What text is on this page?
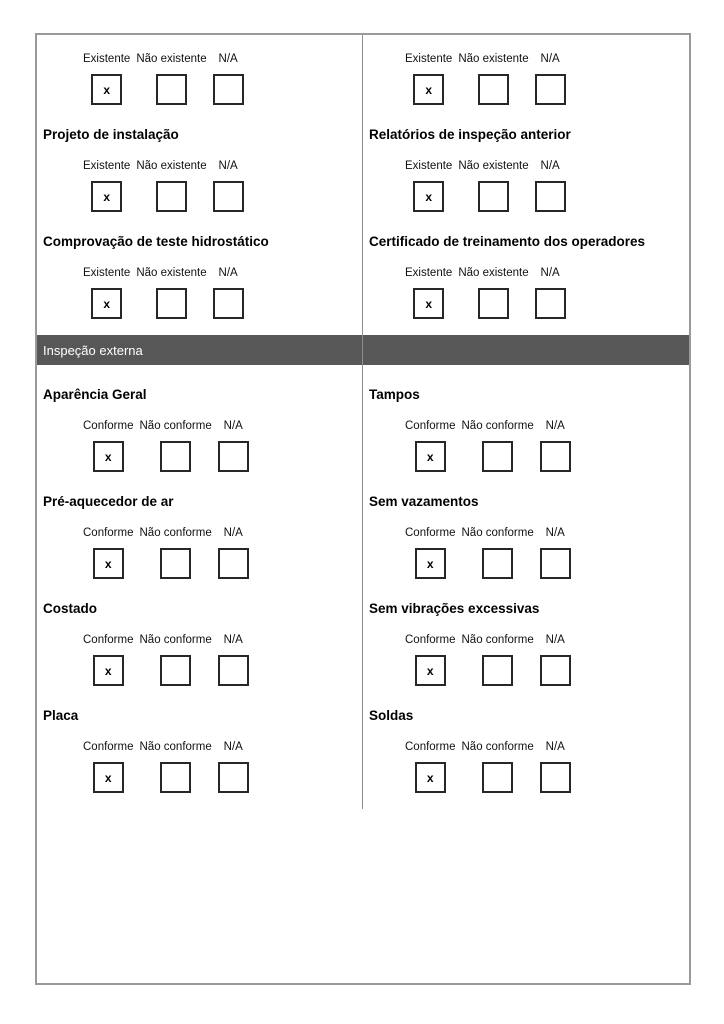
Existente
x
Não existente N/A
Projeto de instalação
Existente
x
Não existente N/A
Relatórios de inspeção anterior
Existente
x
Não existente N/A
Comprovação de teste hidrostático
Existente
x
Não existente N/A
Certificado de treinamento dos operadores
Existente
x
Não existente N/A	Existente
x
Não existente N/A
Inspeção externa
Aparência Geral
Conforme
x
Não conforme N/A
Tampos
Conforme
x
Não conforme N/A
Pré-aquecedor de ar
Conforme
x
Não conforme N/A
Sem vazamentos
Conforme
x
Não conforme N/A
Costado
Conforme
x
Não conforme N/A
Sem vibrações excessivas
Conforme
x
Não conforme N/A
Placa
Conforme
x
Não conforme N/A
Soldas
Conforme
x
Não conforme N/A
